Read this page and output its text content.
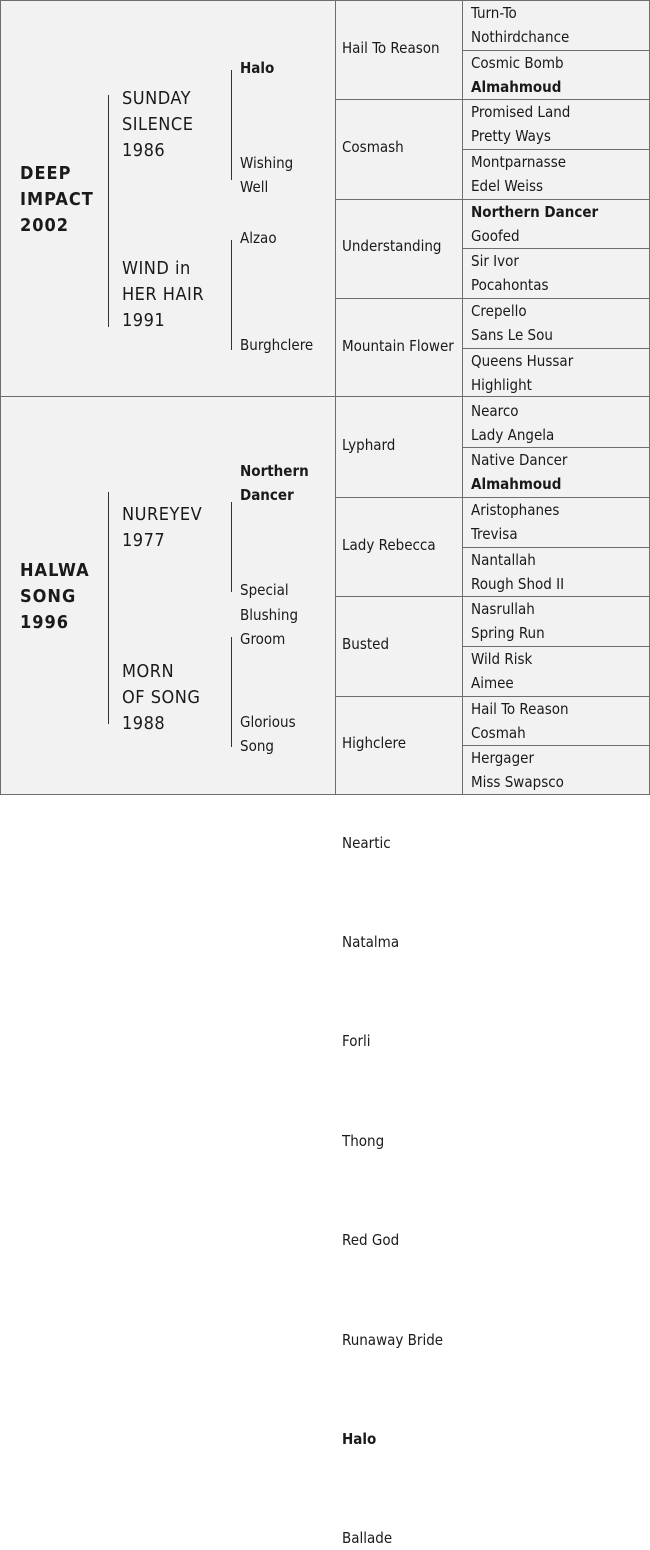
DEEP
IMPACT
2002
SUNDAY
SILENCE
1986
Halo
Wishing
Well
WIND in
HER HAIR
1991
Alzao
Burghclere
HALWA
SONG
1996
NUREYEV
1977
Northern
Dancer
Special
MORN
OF SONG
1988
Blushing
Groom
Glorious
Song
Hail To Reason
Cosmash
Understanding
Mountain Flower
Lyphard
Lady Rebecca
Busted
Highclere
Neartic
Natalma
Forli
Thong
Red God
Runaway Bride
Halo
Ballade
Turn-To
Nothirdchance
Cosmic Bomb
Almahmoud
Promised Land
Pretty Ways
Montparnasse
Edel Weiss
Northern Dancer
Goofed
Sir Ivor
Pocahontas
Crepello
Sans Le Sou
Queens Hussar
Highlight
Nearco
Lady Angela
Native Dancer
Almahmoud
Aristophanes
Trevisa
Nantallah
Rough Shod II
Nasrullah
Spring Run
Wild Risk
Aimee
Hail To Reason
Cosmah
Hergager
Miss Swapsco
